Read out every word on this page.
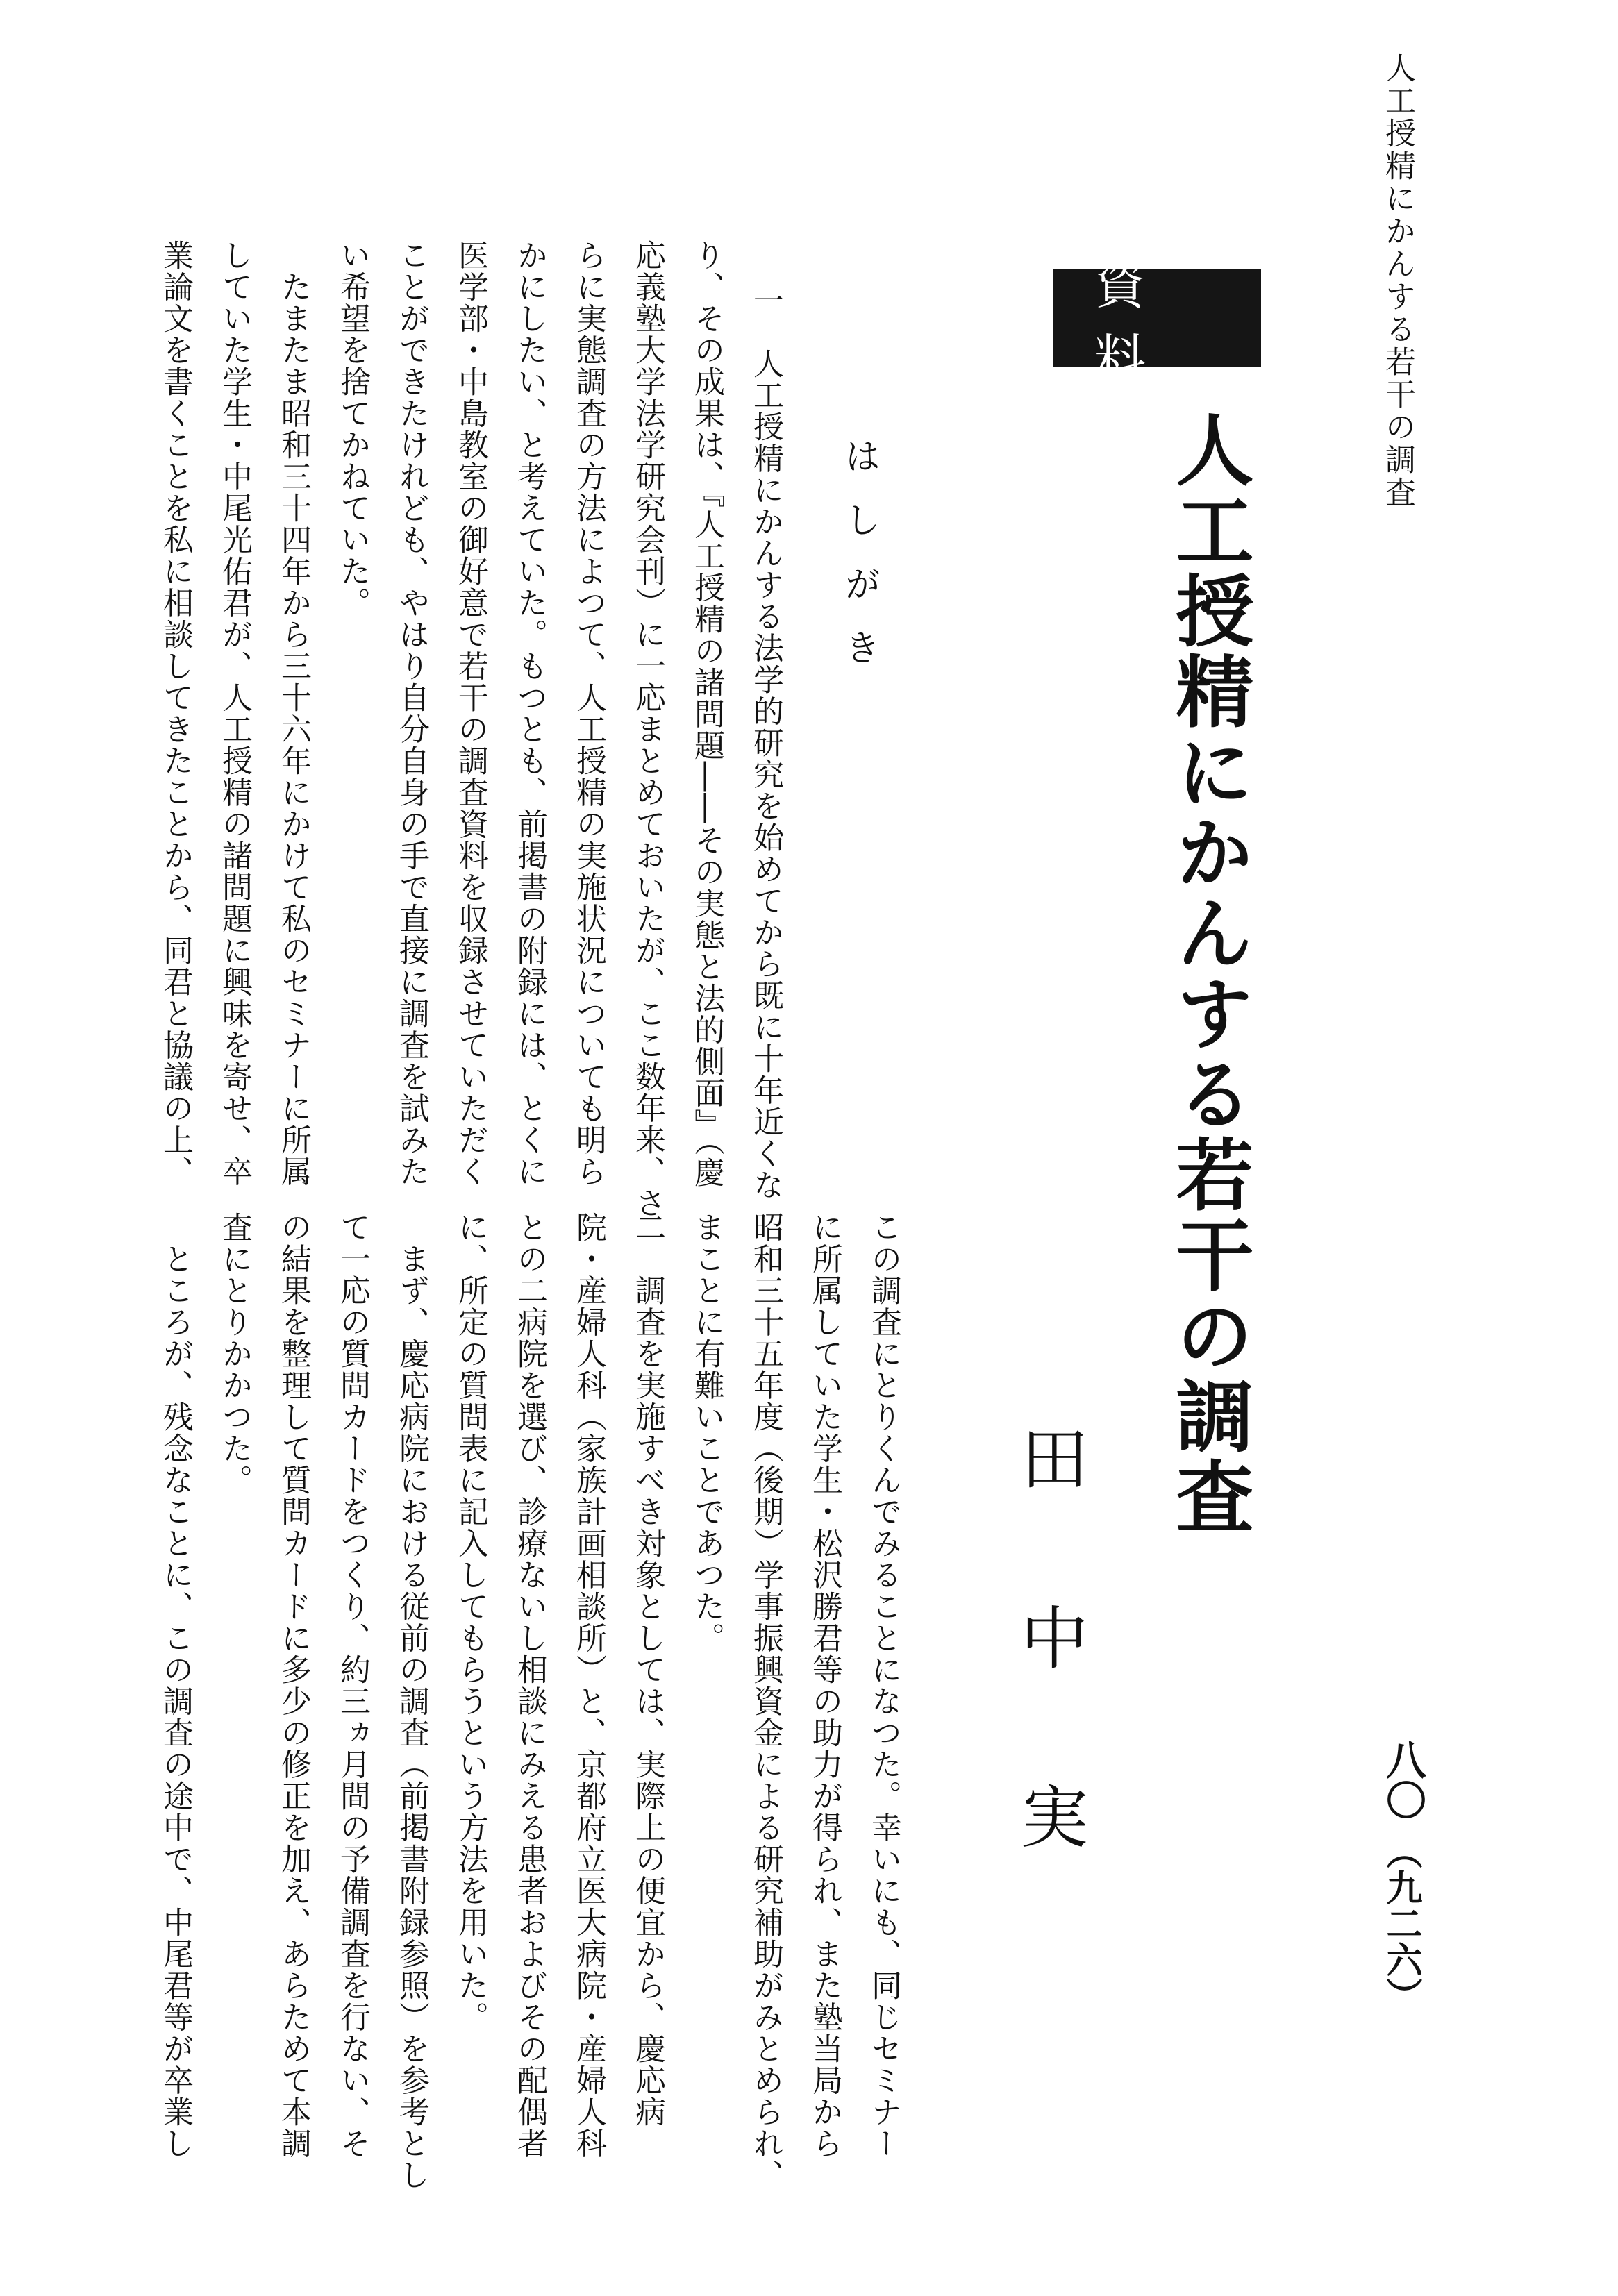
人工授精にかんする若干の調査
八〇
（九二六）
資料
人工授精にかんする若干の調査
田中実
はしがき
一　人工授精にかんする法学的研究を始めてから既に十年近くな
り、その成果は、『人工授精の諸問題――その実態と法的側面』（慶
応義塾大学法学研究会刊）に一応まとめておいたが、ここ数年来、さ
らに実態調査の方法によつて、人工授精の実施状況についても明ら
かにしたい、と考えていた。もつとも、前掲書の附録には、とくに
医学部・中島教室の御好意で若干の調査資料を収録させていただく
ことができたけれども、やはり自分自身の手で直接に調査を試みた
い希望を捨てかねていた。
　たまたま昭和三十四年から三十六年にかけて私のセミナーに所属
していた学生・中尾光佑君が、人工授精の諸問題に興味を寄せ、卒
業論文を書くことを私に相談してきたことから、同君と協議の上、
この調査にとりくんでみることになつた。幸いにも、同じセミナー
に所属していた学生・松沢勝君等の助力が得られ、また塾当局から
昭和三十五年度（後期）学事振興資金による研究補助がみとめられ、
まことに有難いことであつた。
二　調査を実施すべき対象としては、実際上の便宜から、慶応病
院・産婦人科（家族計画相談所）と、京都府立医大病院・産婦人科
との二病院を選び、診療ないし相談にみえる患者およびその配偶者
に、所定の質問表に記入してもらうという方法を用いた。
　まず、慶応病院における従前の調査（前掲書附録参照）を参考とし
て一応の質問カードをつくり、約三ヵ月間の予備調査を行ない、そ
の結果を整理して質問カードに多少の修正を加え、あらためて本調
査にとりかかつた。
　ところが、残念なことに、この調査の途中で、中尾君等が卒業し
